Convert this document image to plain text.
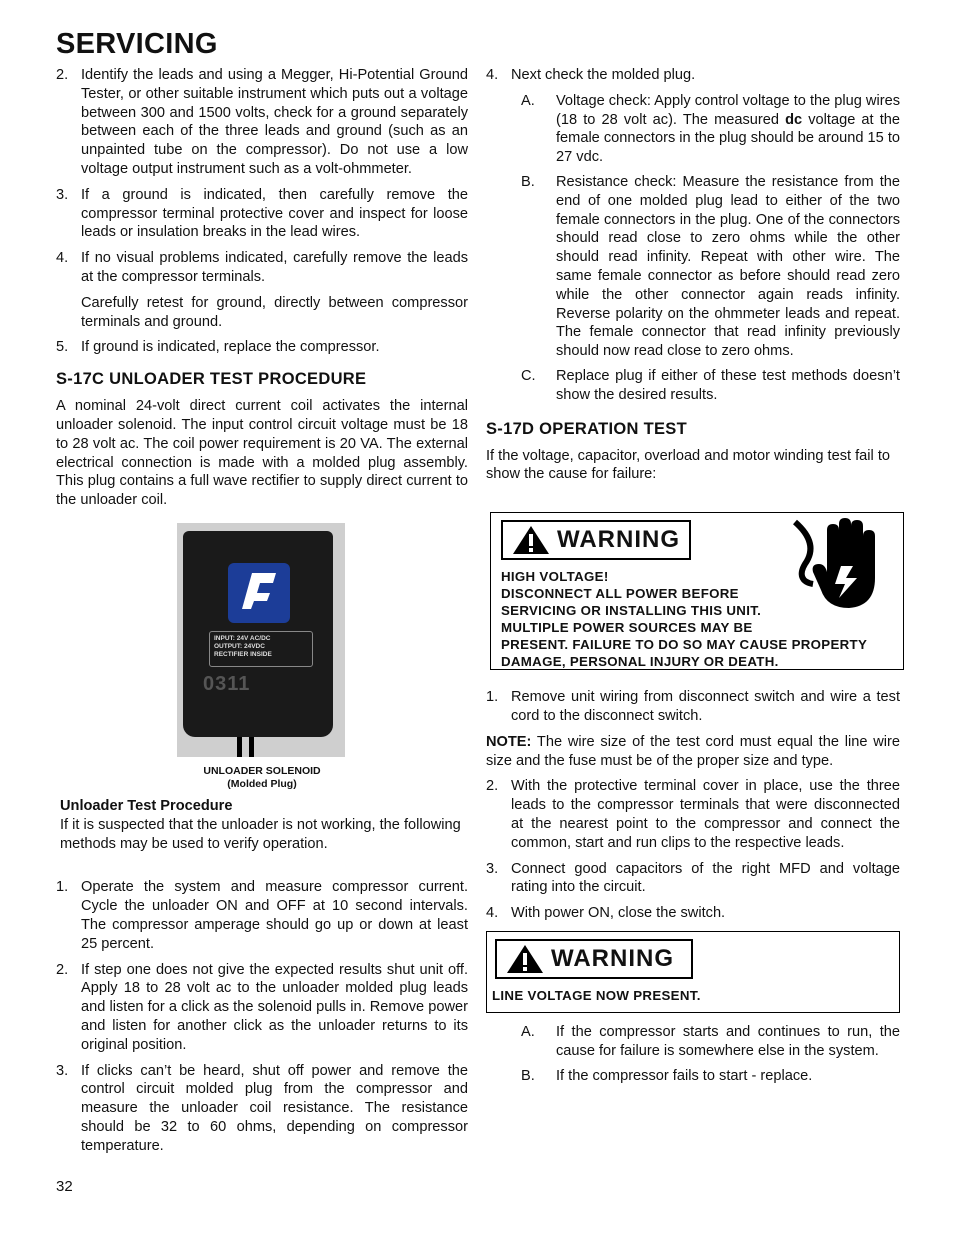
SERVICING
2. Identify the leads and using a Megger, Hi-Potential Ground Tester, or other suitable instrument which puts out a voltage between 300 and 1500 volts, check for a ground separately between each of the three leads and ground (such as an unpainted tube on the compressor). Do not use a low voltage output instrument such as a volt-ohmmeter.
3. If a ground is indicated, then carefully remove the compressor terminal protective cover and inspect for loose leads or insulation breaks in the lead wires.
4. If no visual problems indicated, carefully remove the leads at the compressor terminals.

Carefully retest for ground, directly between compressor terminals and ground.

5. If ground is indicated, replace the compressor.
S-17C UNLOADER TEST PROCEDURE

A nominal 24-volt direct current coil activates the internal unloader solenoid. The input control circuit voltage must be 18 to 28 volt ac. The coil power requirement is 20 VA. The external electrical connection is made with a molded plug assembly. This plug contains a full wave rectifier to supply direct current to the unloader coil.

INPUT: 24V AC/DC
OUTPUT: 24VDC
RECTIFIER INSIDE
0311
UNLOADER SOLENOID
(Molded Plug)
Unloader Test Procedure

If it is suspected that the unloader is not working, the following methods may be used to verify operation.

1. Operate the system and measure compressor current. Cycle the unloader ON and OFF at 10 second intervals. The compressor amperage should go up or down at least 25 percent.
2. If step one does not give the expected results shut unit off. Apply 18 to 28 volt ac to the unloader molded plug leads and listen for a click as the solenoid pulls in. Remove power and listen for another click as the unloader returns to its original position.
3. If clicks can’t be heard, shut off power and remove the control circuit molded plug from the compressor and measure the unloader coil resistance. The resistance should be 32 to 60 ohms, depending on compressor temperature.
4. Next check the molded plug.
A.	Voltage check: Apply control voltage to the plug wires (18 to 28 volt ac). The measured dc voltage at the female connectors in the plug should be around 15 to 27 vdc.
B.	Resistance check: Measure the resistance from the end of one molded plug lead to either of the two female connectors in the plug. One of the connectors should read close to zero ohms while the other should read infinity. Repeat with other wire. The same female connector as before should read zero while the other connector again reads infinity. Reverse polarity on the ohmmeter leads and repeat. The female connector that read infinity previously should now read close to zero ohms.
C.	Replace plug if either of these test methods doesn’t show the desired results.
S-17D OPERATION TEST

If the voltage, capacitor, overload and motor winding test fail to show the cause for failure:

WARNING
HIGH VOLTAGE!
DISCONNECT ALL POWER BEFORE
SERVICING OR INSTALLING THIS UNIT.
MULTIPLE POWER SOURCES MAY BE
PRESENT. FAILURE TO DO SO MAY CAUSE PROPERTY
DAMAGE, PERSONAL INJURY OR DEATH.
1. Remove unit wiring from disconnect switch and wire a test cord to the disconnect switch.

NOTE: The wire size of the test cord must equal the line wire size and the fuse must be of the proper size and type.

2. With the protective terminal cover in place, use the three leads to the compressor terminals that were disconnected at the nearest point to the compressor and connect the common, start and run clips to the respective leads.
3. Connect good capacitors of the right MFD and voltage rating into the circuit.
4. With power ON, close the switch.
WARNING
LINE VOLTAGE NOW PRESENT.
A.	If the compressor starts and continues to run, the cause for failure is somewhere else in the system.
B.	If the compressor fails to start - replace.
32
